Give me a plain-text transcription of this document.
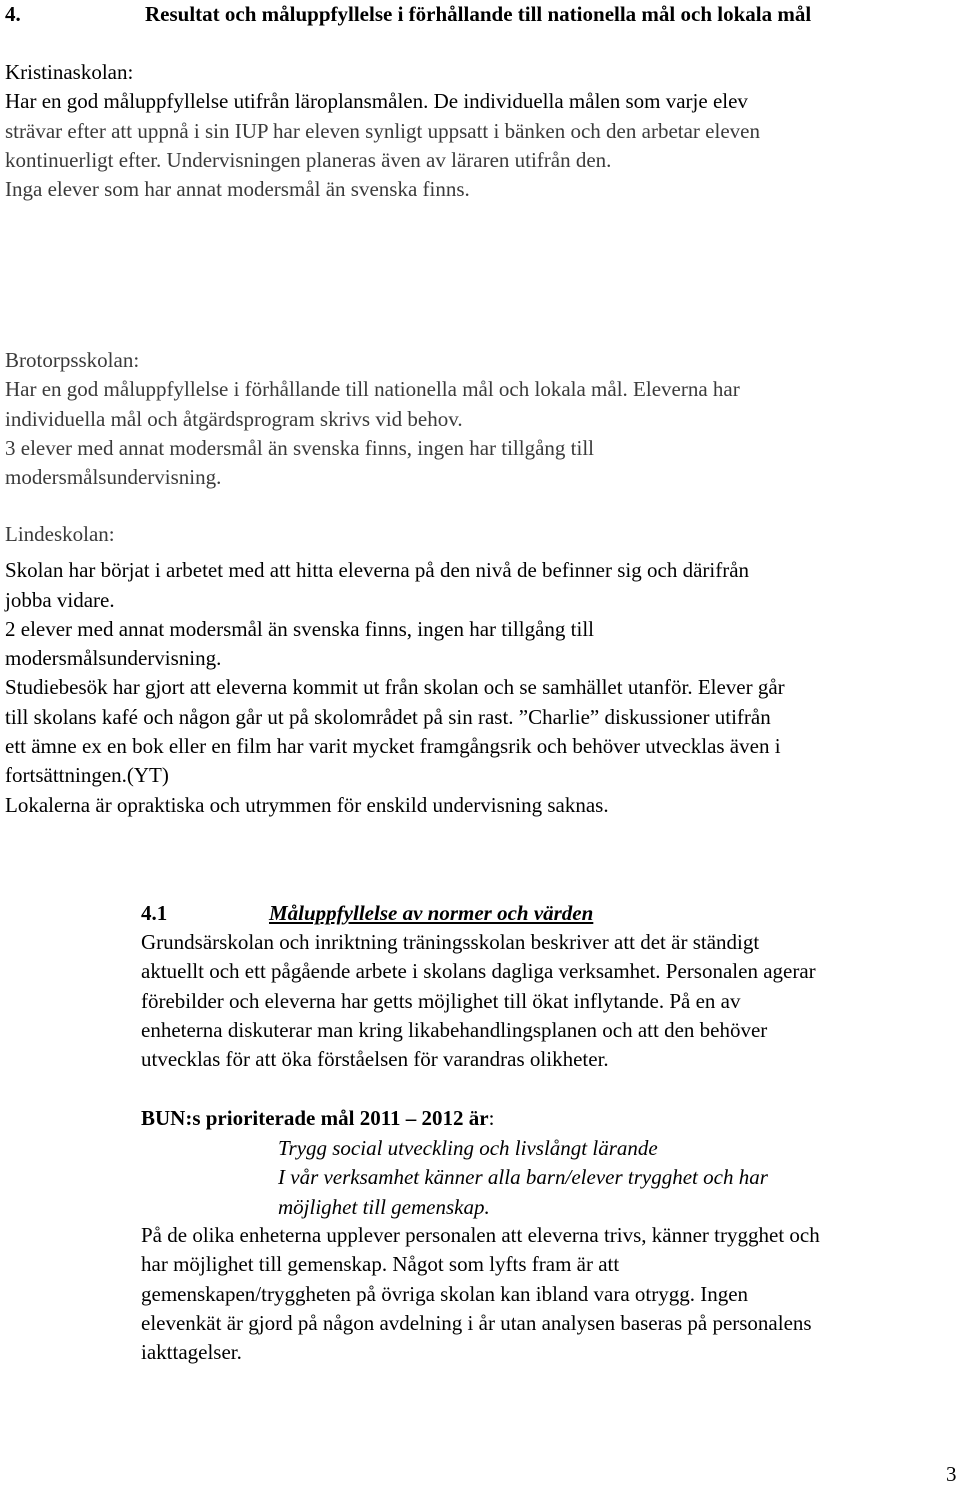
4.	Resultat och måluppfyllelse i förhållande till nationella mål och lokala mål

Kristinaskolan:

Har en god måluppfyllelse utifrån läroplansmålen. De individuella målen som varje elev

strävar efter att uppnå i sin IUP har eleven synligt uppsatt i bänken och den arbetar eleven

kontinuerligt efter. Undervisningen planeras även av läraren utifrån den.

Inga elever som har annat modersmål än svenska finns.

Brotorpsskolan:

Har en god måluppfyllelse i förhållande till nationella mål och lokala mål. Eleverna har

individuella mål och åtgärdsprogram skrivs vid behov.

3 elever med annat modersmål än svenska finns, ingen har tillgång till

modersmålsundervisning.

Lindeskolan:

Skolan har börjat i arbetet med att hitta eleverna på den nivå de befinner sig och därifrån

jobba vidare.

2 elever med annat modersmål än svenska finns, ingen har tillgång till

modersmålsundervisning.

Studiebesök har gjort att eleverna kommit ut från skolan och se samhället utanför. Elever går

till skolans kafé och någon går ut på skolområdet på sin rast. ”Charlie” diskussioner utifrån

ett ämne ex en bok eller en film har varit mycket framgångsrik och behöver utvecklas även i

fortsättningen.(YT)

Lokalerna är opraktiska och utrymmen för enskild undervisning saknas.

4.1	Måluppfyllelse av normer och värden

Grundsärskolan och inriktning träningsskolan beskriver att det är ständigt

aktuellt och ett pågående arbete i skolans dagliga verksamhet. Personalen agerar

förebilder och eleverna har getts möjlighet till ökat inflytande. På en av

enheterna diskuterar man kring likabehandlingsplanen och att den behöver

utvecklas för att öka förståelsen för varandras olikheter.

BUN:s prioriterade mål 2011 – 2012 är:

Trygg social utveckling och livslångt lärande

I vår verksamhet känner alla barn/elever trygghet och har

möjlighet till gemenskap.

På de olika enheterna upplever personalen att eleverna trivs, känner trygghet och

har möjlighet till gemenskap. Något som lyfts fram är att

gemenskapen/tryggheten på övriga skolan kan ibland vara otrygg. Ingen

elevenkät är gjord på någon avdelning i år utan analysen baseras på personalens

iakttagelser.

3
